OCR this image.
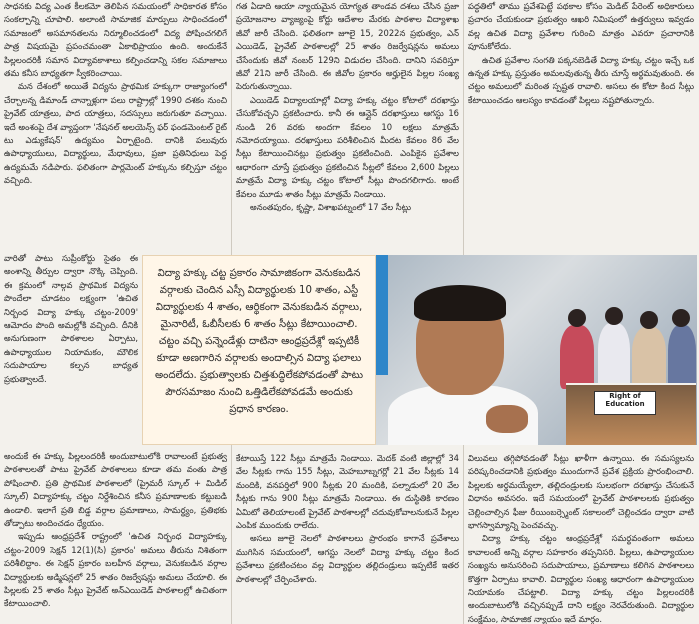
సాధనకు విద్య ఎంత కీలకమో తెలిపిన సమయంలో సాధికారత కోసం సంకల్పాన్ని చూపాలి. అలాంటి సామాజిక మార్పులు సాధించడంలో సమాజంలో అసమానతలను నిర్మూలించడంలో విద్య పోషించగలిగే పాత్ర విషయమై ప్రపంచమంతా ఏకాభిప్రాయం ఉంది. అందుకేనే పిల్లలందరికీ సమాన విద్యావకాశాలు కల్పించడాన్ని సకల సమాజాలు తమ కనీస బాధ్యతగా స్వీకరించాయి.

మన దేశంలో అయితే విద్యను ప్రాథమిక హక్కుగా రాజ్యాంగంలో చేర్చాలన్న డిమాండ్ చాన్నాళ్లుగా పలు రాష్ట్రాల్లో 1990 దశకం నుంచి ప్రైవేట్ యాత్రలు, పాద యాత్రలు, సదస్సులు జరుగుతూ వచ్చాయి. ఇదే అంశంపై దేశ వ్యాప్తంగా 'నేషనల్ అలయెన్స్ ఫర్ ఫండమెంటల్ రైట్ టు ఎడ్యుకేషన్' ఉద్యమం ఏర్పాటైంది. దానికి పలువురు ఉపాధ్యాయులు, విద్యార్థులు, మేధావులు, ప్రజా ప్రతినిధులు పెద్ద ఉద్యమమే నడిపారు. ఫలితంగా పార్లమెంట్ హక్కును కల్పిస్తూ చట్టం వచ్చింది.

వారితో పాటు సుప్రీంకోర్టు సైతం ఈ అంశాన్ని తీర్పుల ద్వారా నొక్కి చెప్పింది. ఈ క్రమంలో నాల్గవ ప్రాథమిక విద్యను పొందేలా చూడటం లక్ష్యంగా 'ఉచిత నిర్బంధ విద్యా హక్కు చట్టం-2009' ఆమోదం పొంది అమల్లోకి వచ్చింది. దీనికి అనుగుణంగా పాఠశాలల ఏర్పాటు, ఉపాధ్యాయుల నియామకం, మౌలిక సదుపాయాల కల్పన బాధ్యత ప్రభుత్వాలదే.

అందుకే ఈ హక్కు పిల్లలందరికీ అందుబాటులోకి రావాలంటే ప్రభుత్వ పాఠశాలలతో పాటు ప్రైవేట్ పాఠశాలలు కూడా తమ వంతు పాత్ర పోషించాలి. ప్రతి ప్రాథమిక పాఠశాలలో (ప్రైమరీ స్కూల్ + మిడిల్ స్కూల్) విద్యాహక్కు చట్టం నిర్దేశించిన కనీస ప్రమాణాలకు కట్టుబడి ఉండాలి. ఇలాగే ప్రతి బిడ్డ వర్గాల ప్రమాణాలు, సామర్థ్యం, ప్రతిభకు తోడ్పాటు అందించడం ధ్యేయం.

ఇప్పుడు ఆంధ్రప్రదేశ్ రాష్ట్రంలో 'ఉచిత నిర్బంధ విద్యాహక్కు చట్టం-2009 సెక్షన్ 12(1)(సి) ప్రకారం' అమలు తీరును నిశితంగా పరిశీలిద్దాం. ఈ సెక్షన్ ప్రకారం బలహీన వర్గాలు, వెనుకబడిన వర్గాల విద్యార్థులకు అడ్మిషన్లలో 25 శాతం రిజర్వేషన్లు అమలు చేయాలి. ఈ పిల్లలకు 25 శాతం సీట్లు ప్రైవేట్ అన్ఎయిడెడ్ పాఠశాలల్లో ఉచితంగా కేటాయించాలి.

గత ఏడాది ఆయా న్యాయమైన యోగ్యత తాండవ దశలు చేసిన ప్రజా ప్రయోజనాల వ్యాజ్యంపై కోర్టు ఆదేశాల మేరకు పాఠశాల విద్యాశాఖ జీవో జారీ చేసింది. ఫలితంగా జూలై 15, 2022న ప్రభుత్వం, ఎన్ ఎయిడెడ్, ప్రైవేట్ పాఠశాలల్లో 25 శాతం రిజర్వేషన్లను అమలు చేసేందుకు జీవో నంబర్ 129ని విడుదల చేసింది. దానిని సవరిస్తూ జీవో 21ని జారీ చేసింది. ఈ జీవోల ప్రకారం అర్హులైన పిల్లల సంఖ్య పెరుగుతున్నాయి.

ఎయిడెడ్ విద్యాలయాల్లో విద్యా హక్కు చట్టం కోటాలో దరఖాస్తు చేసుకోవచ్చని ప్రకటించారు. కానీ ఈ ఆన్లైన్ దరఖాస్తులు ఆగస్టు 16 నుండి 26 వరకు అందగా కేవలం 10 లక్షలు మాత్రమే నమోదయ్యాయి. దరఖాస్తులు పరిశీలించిన మీదట కేవలం 86 వేల సీట్లు కేటాయించినట్లు ప్రభుత్వం ప్రకటించింది. ఎంపికైన ప్రవేశాల ఆధారంగా చూస్తే ప్రభుత్వం ప్రకటించిన సీట్లలో కేవలం 2,600 పిల్లలు మాత్రమే విద్యా హక్కు చట్టం కోటాలో సీట్లు పొందగలిగారు. అంటే కేవలం మూడు శాతం సీట్లు మాత్రమే నిండాయి.

అనంతపురం, కృష్ణా, విశాఖపట్నంలో 17 వేల సీట్లు

కేటాయిస్తే 122 సీట్లు మాత్రమే నిండాయి. మెదక్ వంటి జిల్లాల్లో 34 వేల సీట్లకు గాను 155 సీట్లు, మెహబూబ్నగర్లో 21 వేల సీట్లకు 14 మందికి, వనపర్తిలో 900 సీట్లకు 20 మందికి, పల్నాడులో 20 వేల సీట్లకు గాను 900 సీట్లు మాత్రమే నిండాయి. ఈ దుస్థితికి కారణం ఏమిటో తెలియాలంటే ప్రైవేట్ పాఠశాలల్లో చదువుకోవాలనుకునే పిల్లల ఎంపిక ముందుకు రాలేదు.

అసలు జూలై నెలలో పాఠశాలలు ప్రారంభం కాగానే ప్రవేశాలు ముగిసిన సమయంలో, ఆగస్టు నెలలో విద్యా హక్కు చట్టం కింద ప్రవేశాలు ప్రకటించటం వల్ల విద్యార్థుల తల్లిదండ్రులు ఇప్పటికే ఇతర పాఠశాలల్లో చేర్పించేశారు.

పద్ధతిలో తాము ప్రవేశపెట్టే పథకాల కోసం మెడిట్ పేరెంట్ అధికారులు ప్రచారం చేయకుండా ప్రభుత్వం ఆఖరి నిమిషంలో ఉత్తర్వులు ఇవ్వడం వల్ల ఉచిత విద్యా ప్రవేశాల గురించి మాత్రం ఎవరూ ప్రచారానికి పూనుకోలేదు.

ఉచిత ప్రవేశాల సంగతి పక్కనబెడితే విద్యా హక్కు చట్టం ఇచ్చే ఒక ఉన్నత హక్కు ప్రస్తుతం అమలవుతున్న తీరు చూస్తే అర్థమవుతుంది. ఈ చట్టం అమలులో మరింత స్పష్టత రావాలి. అసలు ఈ కోటా కింద సీట్లు కేటాయించడం ఆలస్యం కావడంతో పిల్లలు నష్టపోతున్నారు.

విలువలు తగ్గిపోవడంతో సీట్లు ఖాళీగా ఉన్నాయి. ఈ సమస్యలను పరిష్కరించడానికి ప్రభుత్వం ముందుగానే ప్రవేశ ప్రక్రియ ప్రారంభించాలి. పిల్లలకు అర్థమయ్యేలా, తల్లిదండ్రులకు సులభంగా దరఖాస్తు చేసుకునే విధానం అవసరం. ఇదే సమయంలో ప్రైవేట్ పాఠశాలలకు ప్రభుత్వం చెల్లించాల్సిన ఫీజు రీయింబర్స్మెంట్ సకాలంలో చెల్లించడం ద్వారా వాటి భాగస్వామ్యాన్ని పెంచవచ్చు.

విద్యా హక్కు చట్టం ఆంధ్రప్రదేశ్లో సమర్థవంతంగా అమలు కావాలంటే అన్ని వర్గాల సహకారం తప్పనిసరి. పిల్లలు, ఉపాధ్యాయుల సంఖ్యను అనుసరించి సదుపాయాలు, ప్రమాణాలు కలిగిన పాఠశాలలు కొత్తగా ఏర్పాటు కావాలి. విద్యార్థుల సంఖ్య ఆధారంగా ఉపాధ్యాయుల నియామకం చేపట్టాలి. విద్యా హక్కు చట్టం పిల్లలందరికీ అందుబాటులోకి వచ్చినప్పుడే దాని లక్ష్యం నెరవేరుతుంది. విద్యార్థుల సంక్షేమం, సామాజిక న్యాయం ఇదే మార్గం.

విద్యా హక్కు చట్ట ప్రకారం సామాజికంగా వెనుకబడిన వర్గాలకు చెందిన ఎస్సీ విద్యార్థులకు 10 శాతం, ఎస్టీ విద్యార్థులకు 4 శాతం, ఆర్థికంగా వెనుకబడిన వర్గాలు, మైనారిటీ, ఓబీసీలకు 6 శాతం సీట్లు కేటాయించాలి. చట్టం వచ్చి పన్నెండేళ్లు దాటినా ఆంధ్రప్రదేశ్లో ఇప్పటికీ కూడా అణగారిన వర్గాలకు అందాల్సిన విద్యా ఫలాలు అందలేదు. ప్రభుత్వాలకు చిత్తశుద్ధిలేకపోవడంతో పాటు పౌరసమాజం నుంచి ఒత్తిడిలేకపోవడమే అందుకు ప్రధాన కారణం.
Right of Education
